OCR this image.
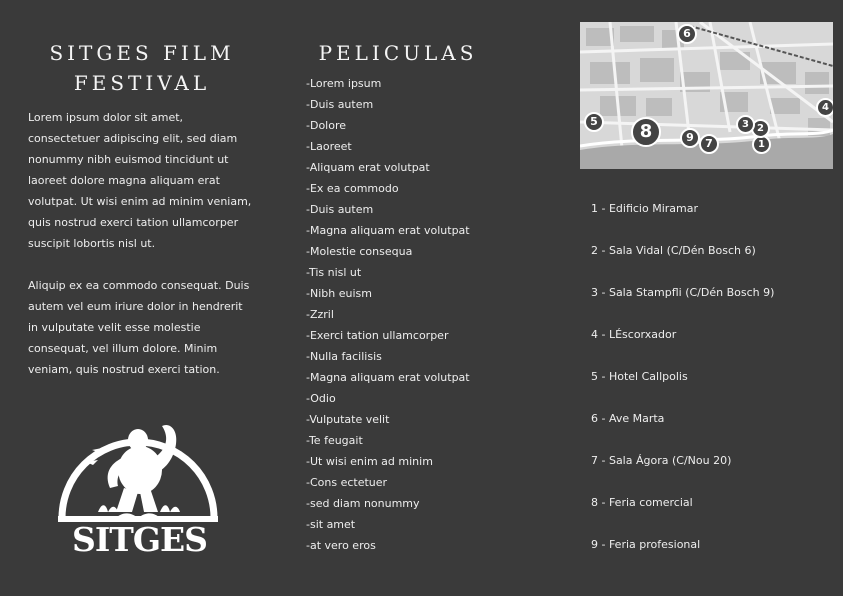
SITGES FILM FESTIVAL

Lorem ipsum dolor sit amet, consectetuer adipiscing elit, sed diam nonummy nibh euismod tincidunt ut laoreet dolore magna aliquam erat volutpat. Ut wisi enim ad minim veniam, quis nostrud exerci tation ullamcorper suscipit lobortis nisl ut.

Aliquip ex ea commodo consequat. Duis autem vel eum iriure dolor in hendrerit in vulputate velit esse molestie consequat, vel illum dolore. Minim veniam, quis nostrud exerci tation.

SITGES
PELICULAS
-Lorem ipsum
-Duis autem
-Dolore
-Laoreet
-Aliquam erat volutpat
-Ex ea commodo
-Duis autem
-Magna aliquam erat volutpat
-Molestie consequa
-Tis nisl ut
-Nibh euism
-Zzril
-Exerci tation ullamcorper
-Nulla facilisis
-Magna aliquam erat volutpat
-Odio
-Vulputate velit
-Te feugait
-Ut wisi enim ad minim
-Cons ectetuer
-sed diam nonummy
-sit amet
-at vero eros
1
2
3
4
5
6
7
8	9
1 - Edificio Miramar
2 - Sala Vidal (C/Dén Bosch 6)
3 - Sala Stampfli (C/Dén Bosch 9)
4 - LÉscorxador
5 - Hotel Callpolis
6 - Ave Marta
7 - Sala Ágora (C/Nou 20)
8 - Feria comercial
9 - Feria profesional
